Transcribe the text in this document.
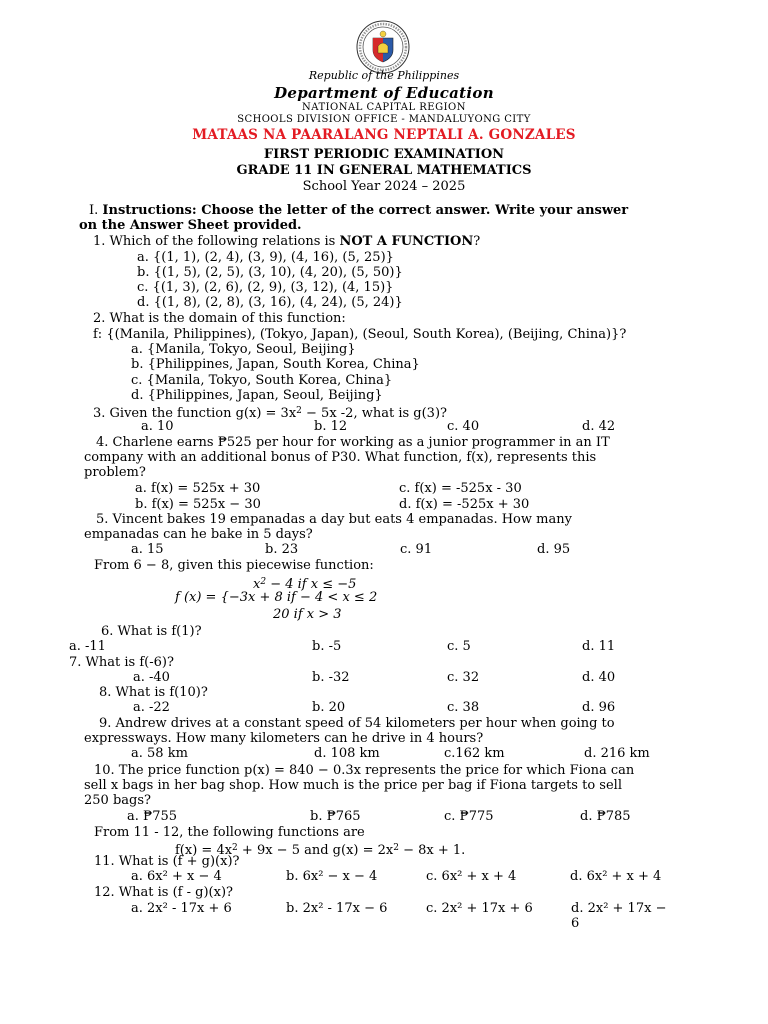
Republic of the Philippines
Department of Education
NATIONAL CAPITAL REGION
SCHOOLS DIVISION OFFICE - MANDALUYONG CITY
MATAAS NA PAARALANG NEPTALI A. GONZALES
FIRST PERIODIC EXAMINATION
GRADE 11 IN GENERAL MATHEMATICS
School Year 2024 – 2025
I. Instructions: Choose the letter of the correct answer. Write your answer
on the Answer Sheet provided.
1. Which of the following relations is NOT A FUNCTION?
a. {(1, 1), (2, 4), (3, 9), (4, 16), (5, 25)}
b. {(1, 5), (2, 5), (3, 10), (4, 20), (5, 50)}
c. {(1, 3), (2, 6), (2, 9), (3, 12), (4, 15)}
d. {(1, 8), (2, 8), (3, 16), (4, 24), (5, 24)}
2. What is the domain of this function:
f: {(Manila, Philippines), (Tokyo, Japan), (Seoul, South Korea), (Beijing, China)}?
a. {Manila, Tokyo, Seoul, Beijing}
b. {Philippines, Japan, South Korea, China}
c. {Manila, Tokyo, South Korea, China}
d. {Philippines, Japan, Seoul, Beijing}
3. Given the function $g(x) = 3x^2 - 5x$ -2, what is g(3)?
a. 10	b. 12	c. 40	d. 42
4. Charlene earns ₱525 per hour for working as a junior programmer in an IT
company with an additional bonus of P30. What function, f(x), represents this
problem?
a. f(x) = 525x + 30	c. f(x) = -525x - 30
b. f(x) = 525x − 30	d. f(x) = -525x + 30
5. Vincent bakes 19 empanadas a day but eats 4 empanadas. How many
empanadas can he bake in 5 days?
a. 15	b. 23	c. 91	d. 95
From 6 − 8, given this piecewise function:
$x^2 - 4$ if x ≤ −5
f (x) = {−3x + 8 if − 4 < x ≤ 2
20 if x > 3
6. What is f(1)?
a. -11	b. -5	c. 5	d. 11
7. What is f(-6)?
a. -40	b. -32	c. 32	d. 40
8. What is f(10)?
a. -22	b. 20	c. 38	d. 96
9. Andrew drives at a constant speed of 54 kilometers per hour when going to
expressways. How many kilometers can he drive in 4 hours?
a. 58 km	d. 108 km	c.162 km	d. 216 km
10. The price function p(x) = 840 − 0.3x represents the price for which Fiona can
sell x bags in her bag shop. How much is the price per bag if Fiona targets to sell
250 bags?
a. ₱755	b. ₱765	c. ₱775	d. ₱785
From 11 - 12, the following functions are
$f(x) = 4x^2 + 9x - 5$ and $g(x) = 2x^2 - 8x + 1$.
11. What is (f + g)(x)?
a. 6x² + x − 4	b. 6x² − x − 4	c. 6x² + x + 4	d. 6x² + x + 4
12. What is (f - g)(x)?
a. 2x² - 17x + 6	b. 2x² - 17x − 6	c. 2x² + 17x + 6	d. 2x² + 17x −
6
